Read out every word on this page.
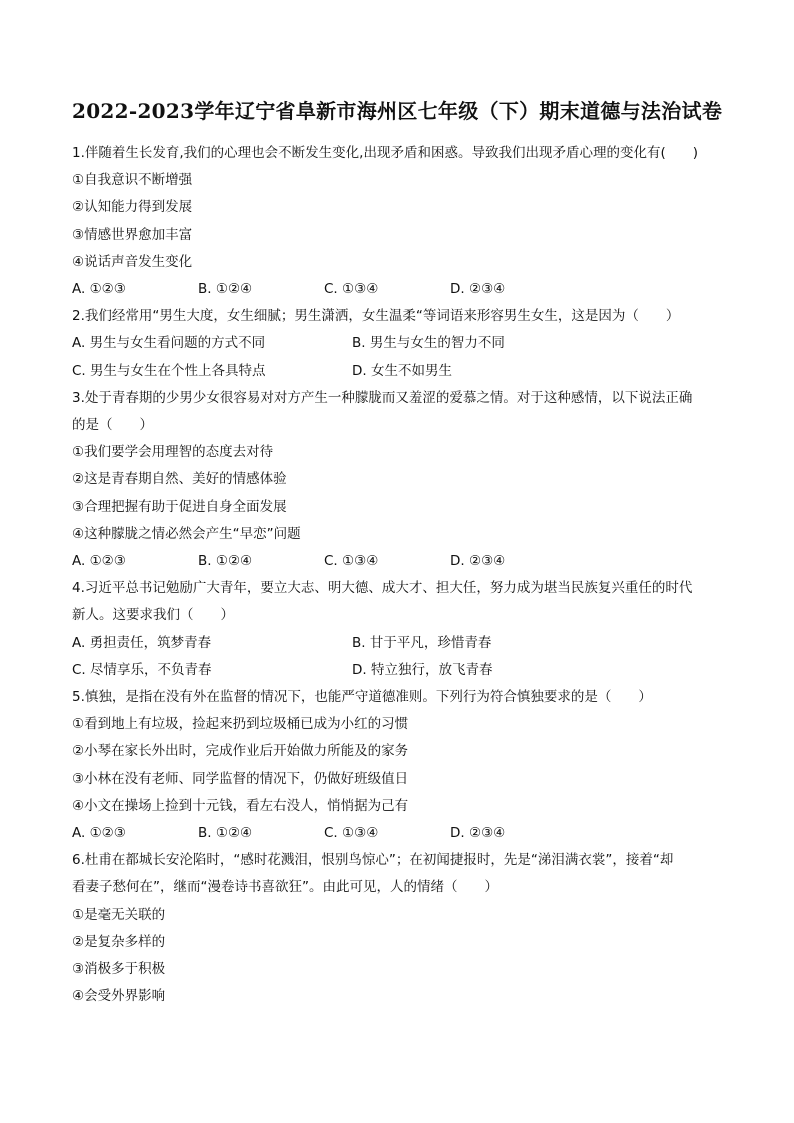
2022-2023学年辽宁省阜新市海州区七年级（下）期末道德与法治试卷
1.伴随着生长发育,我们的心理也会不断发生变化,出现矛盾和困惑。导致我们出现矛盾心理的变化有(　　)
①自我意识不断增强
②认知能力得到发展
③情感世界愈加丰富
④说话声音发生变化
A. ①②③	B. ①②④	C. ①③④	D. ②③④
2.我们经常用“男生大度，女生细腻；男生潇洒，女生温柔“等词语来形容男生女生，这是因为（　　）
A. 男生与女生看问题的方式不同	B. 男生与女生的智力不同
C. 男生与女生在个性上各具特点	D. 女生不如男生
3.处于青春期的少男少女很容易对对方产生一种朦胧而又羞涩的爱慕之情。对于这种感情，以下说法正确
的是（　　）
①我们要学会用理智的态度去对待
②这是青春期自然、美好的情感体验
③合理把握有助于促进自身全面发展
④这种朦胧之情必然会产生“早恋”问题
A. ①②③	B. ①②④	C. ①③④	D. ②③④
4.习近平总书记勉励广大青年，要立大志、明大德、成大才、担大任，努力成为堪当民族复兴重任的时代
新人。这要求我们（　　）
A. 勇担责任，筑梦青春	B. 甘于平凡，珍惜青春
C. 尽情享乐，不负青春	D. 特立独行，放飞青春
5.慎独，是指在没有外在监督的情况下，也能严守道德准则。下列行为符合慎独要求的是（　　）
①看到地上有垃圾，捡起来扔到垃圾桶已成为小红的习惯
②小琴在家长外出时，完成作业后开始做力所能及的家务
③小林在没有老师、同学监督的情况下，仍做好班级值日
④小文在操场上捡到十元钱，看左右没人，悄悄据为己有
A. ①②③	B. ①②④	C. ①③④	D. ②③④
6.杜甫在都城长安沦陷时，“感时花溅泪，恨别鸟惊心”；在初闻捷报时，先是“涕泪满衣裳”，接着“却
看妻子愁何在”，继而“漫卷诗书喜欲狂”。由此可见，人的情绪（　　）
①是毫无关联的
②是复杂多样的
③消极多于积极
④会受外界影响
